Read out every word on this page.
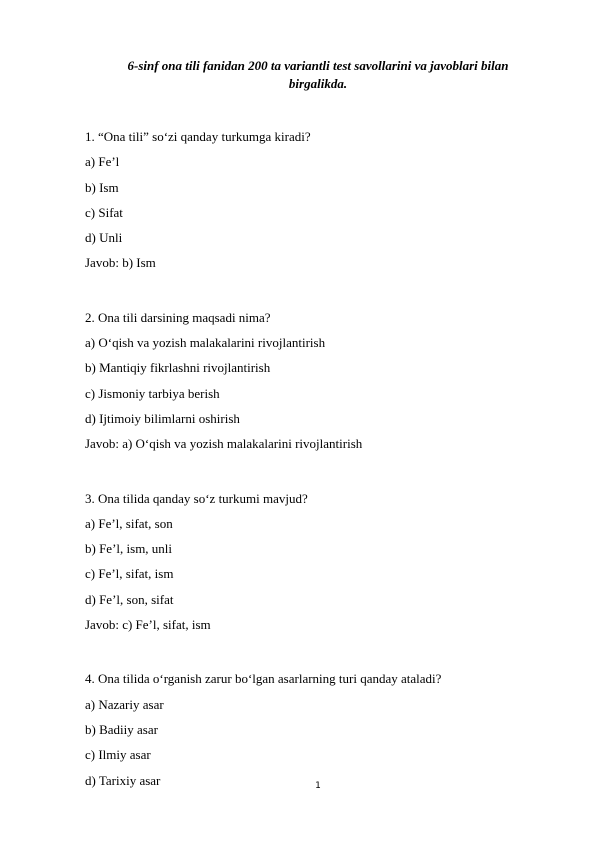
6-sinf ona tili fanidan 200 ta variantli test savollarini va javoblari bilan birgalikda.
1. “Ona tili” so‘zi qanday turkumga kiradi?
a) Fe’l
b) Ism
c) Sifat
d) Unli
Javob: b) Ism
2. Ona tili darsining maqsadi nima?
a) O‘qish va yozish malakalarini rivojlantirish
b) Mantiqiy fikrlashni rivojlantirish
c) Jismoniy tarbiya berish
d) Ijtimoiy bilimlarni oshirish
Javob: a) O‘qish va yozish malakalarini rivojlantirish
3. Ona tilida qanday so‘z turkumi mavjud?
a) Fe’l, sifat, son
b) Fe’l, ism, unli
c) Fe’l, sifat, ism
d) Fe’l, son, sifat
Javob: c) Fe’l, sifat, ism
4. Ona tilida o‘rganish zarur bo‘lgan asarlarning turi qanday ataladi?
a) Nazariy asar
b) Badiiy asar
c) Ilmiy asar
d) Tarixiy asar	1
